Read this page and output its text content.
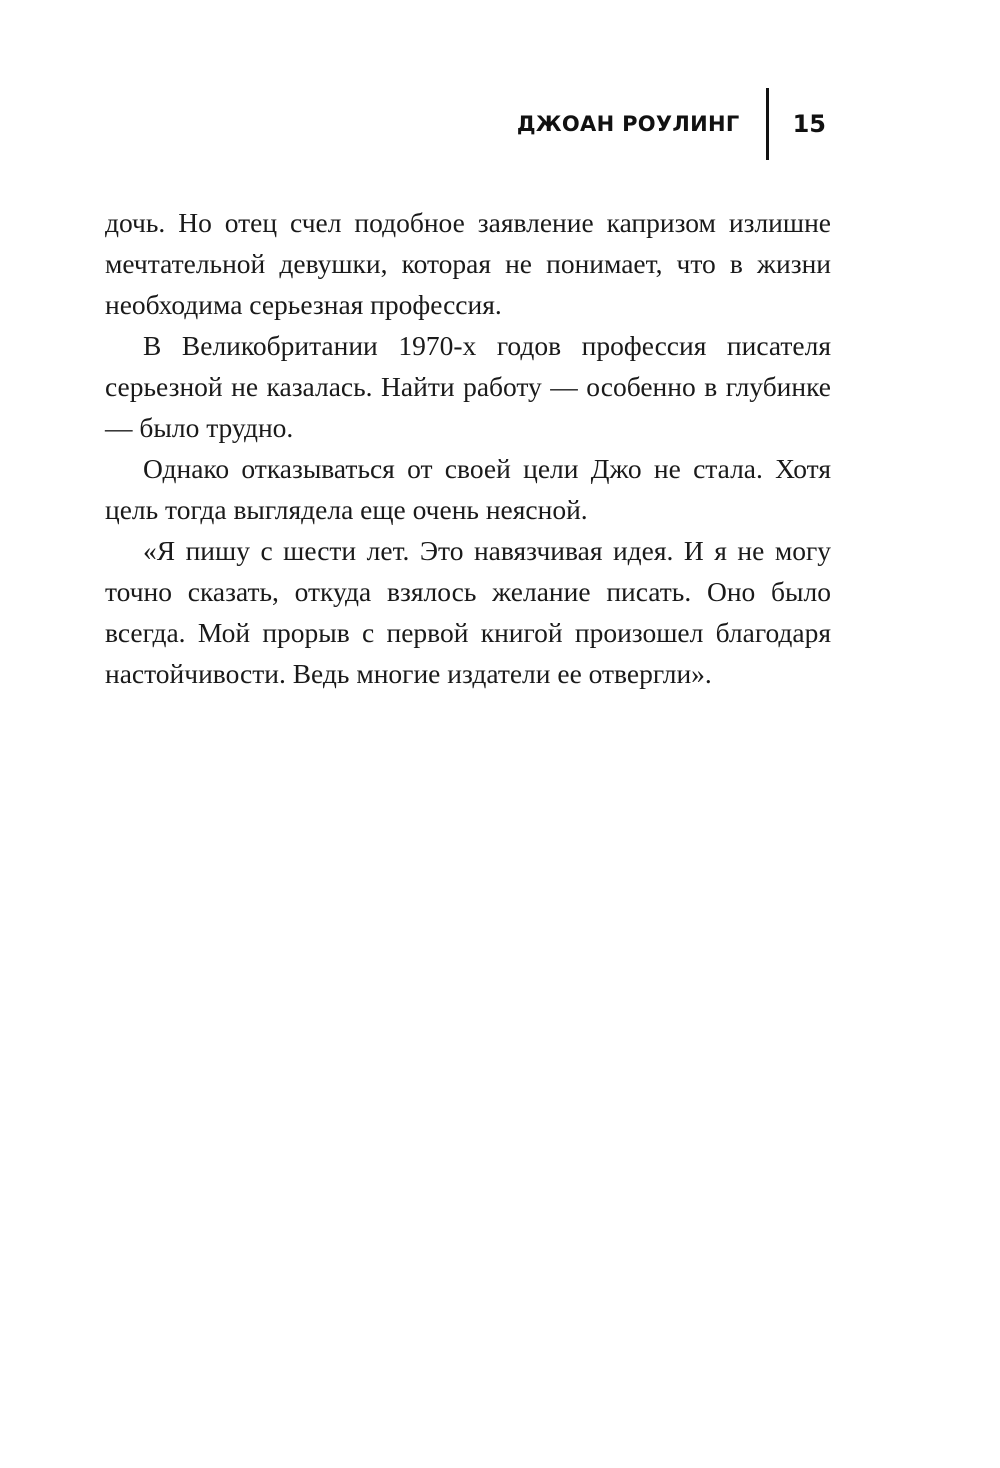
ДЖОАН РОУЛИНГ 15

дочь. Но отец счел подобное заявление капризом излишне мечтательной девушки, которая не понимает, что в жизни необходима серьезная профессия.

В Великобритании 1970-х годов профессия писателя серьезной не казалась. Найти работу — особенно в глубинке — было трудно.

Однако отказываться от своей цели Джо не стала. Хотя цель тогда выглядела еще очень неясной.

«Я пишу с шести лет. Это навязчивая идея. И я не могу точно сказать, откуда взялось желание писать. Оно было всегда. Мой прорыв с первой книгой произошел благодаря настойчивости. Ведь многие издатели ее отвергли».
